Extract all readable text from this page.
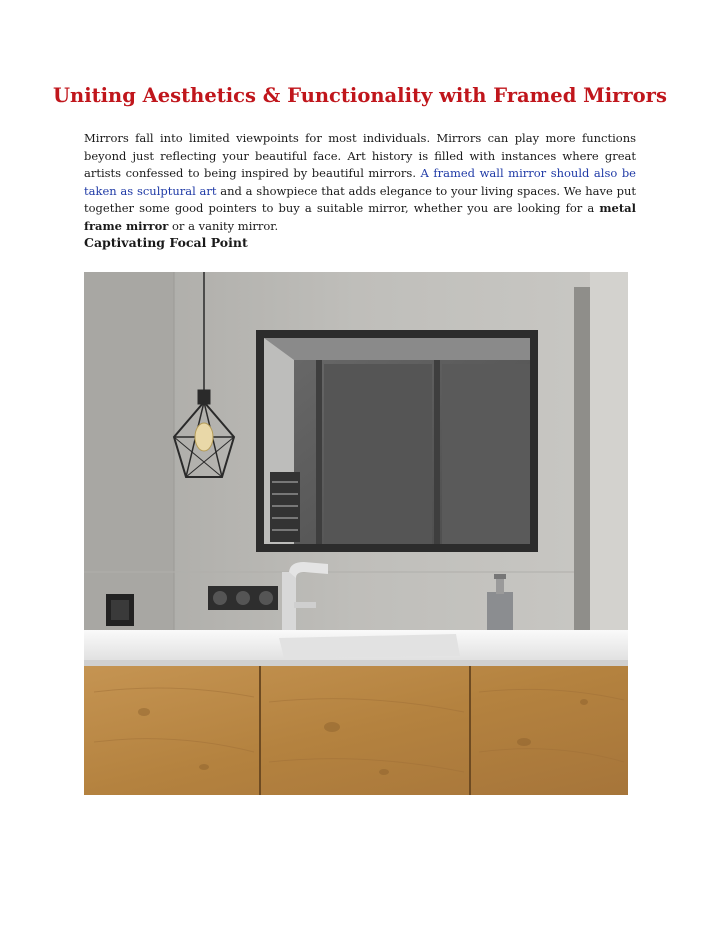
Uniting Aesthetics & Functionality with Framed Mirrors

Mirrors fall into limited viewpoints for most individuals. Mirrors can play more functions beyond just reflecting your beautiful face. Art history is filled with instances where great artists confessed to being inspired by beautiful mirrors. A framed wall mirror should also be taken as sculptural art and a showpiece that adds elegance to your living spaces. We have put together some good pointers to buy a suitable mirror, whether you are looking for a metal frame mirror or a vanity mirror.

Captivating Focal Point
